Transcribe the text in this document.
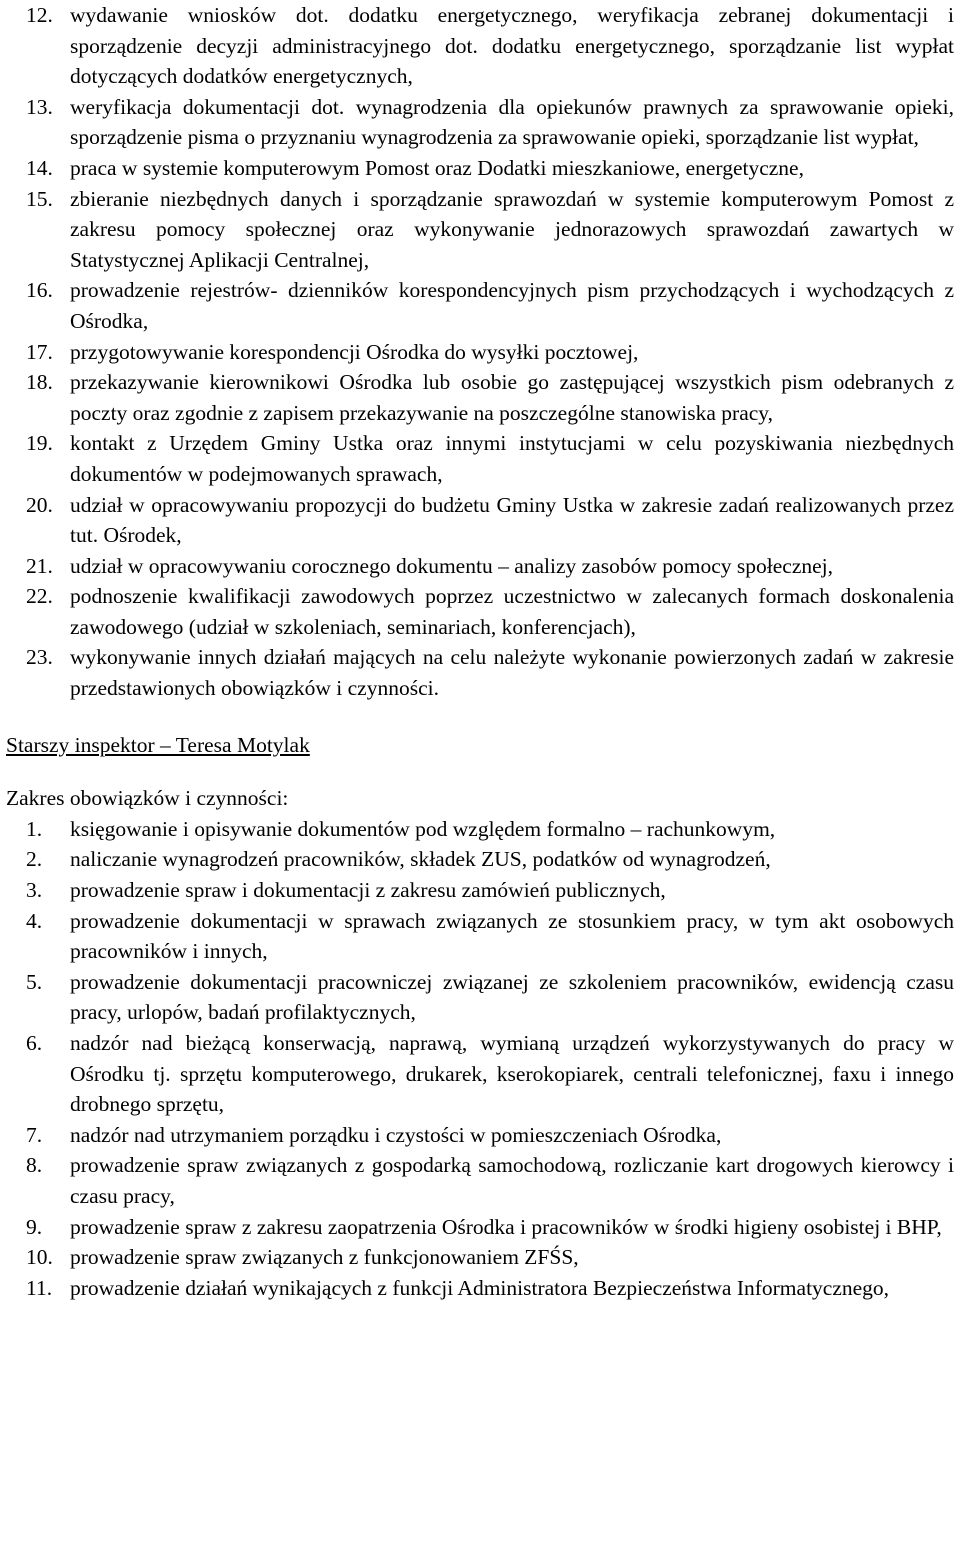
12. wydawanie wniosków dot. dodatku energetycznego, weryfikacja zebranej dokumentacji i sporządzenie decyzji administracyjnego dot. dodatku energetycznego, sporządzanie list wypłat dotyczących dodatków energetycznych,
13. weryfikacja dokumentacji dot. wynagrodzenia dla opiekunów prawnych za sprawowanie opieki, sporządzenie pisma o przyznaniu wynagrodzenia za sprawowanie opieki, sporządzanie list wypłat,
14. praca w systemie komputerowym Pomost oraz Dodatki mieszkaniowe, energetyczne,
15. zbieranie niezbędnych danych i sporządzanie sprawozdań w systemie komputerowym Pomost z zakresu pomocy społecznej oraz wykonywanie jednorazowych sprawozdań zawartych w Statystycznej Aplikacji Centralnej,
16. prowadzenie rejestrów- dzienników korespondencyjnych pism przychodzących i wychodzących z Ośrodka,
17. przygotowywanie korespondencji Ośrodka do wysyłki pocztowej,
18. przekazywanie kierownikowi Ośrodka lub osobie go zastępującej wszystkich pism odebranych z poczty oraz zgodnie z zapisem przekazywanie na poszczególne stanowiska pracy,
19. kontakt z Urzędem Gminy Ustka oraz innymi instytucjami w celu pozyskiwania niezbędnych dokumentów w podejmowanych sprawach,
20. udział w opracowywaniu propozycji do budżetu Gminy Ustka w zakresie zadań realizowanych przez tut. Ośrodek,
21. udział w opracowywaniu corocznego dokumentu – analizy zasobów pomocy społecznej,
22. podnoszenie kwalifikacji zawodowych poprzez uczestnictwo w zalecanych formach doskonalenia zawodowego (udział w szkoleniach, seminariach, konferencjach),
23. wykonywanie innych działań mających na celu należyte wykonanie powierzonych zadań w zakresie przedstawionych obowiązków i czynności.
Starszy inspektor – Teresa Motylak
Zakres obowiązków i czynności:
1.	księgowanie i opisywanie dokumentów pod względem formalno – rachunkowym,
2.	naliczanie wynagrodzeń pracowników, składek ZUS, podatków od wynagrodzeń,
3.	prowadzenie spraw i dokumentacji z zakresu zamówień publicznych,
4.	prowadzenie dokumentacji w sprawach związanych ze stosunkiem pracy, w tym akt osobowych pracowników i innych,
5.	prowadzenie dokumentacji pracowniczej związanej ze szkoleniem pracowników, ewidencją czasu pracy, urlopów, badań profilaktycznych,
6.	nadzór nad bieżącą konserwacją, naprawą, wymianą urządzeń wykorzystywanych do pracy w Ośrodku tj. sprzętu komputerowego, drukarek, kserokopiarek, centrali telefonicznej, faxu i innego drobnego sprzętu,
7.	nadzór nad utrzymaniem porządku i czystości w pomieszczeniach Ośrodka,
8.	prowadzenie spraw związanych z gospodarką samochodową, rozliczanie kart drogowych kierowcy i czasu pracy,
9.	prowadzenie spraw z zakresu zaopatrzenia Ośrodka i pracowników w środki higieny osobistej i BHP,
10. prowadzenie spraw związanych z funkcjonowaniem ZFŚS,
11. prowadzenie działań wynikających z funkcji Administratora Bezpieczeństwa Informatycznego,
